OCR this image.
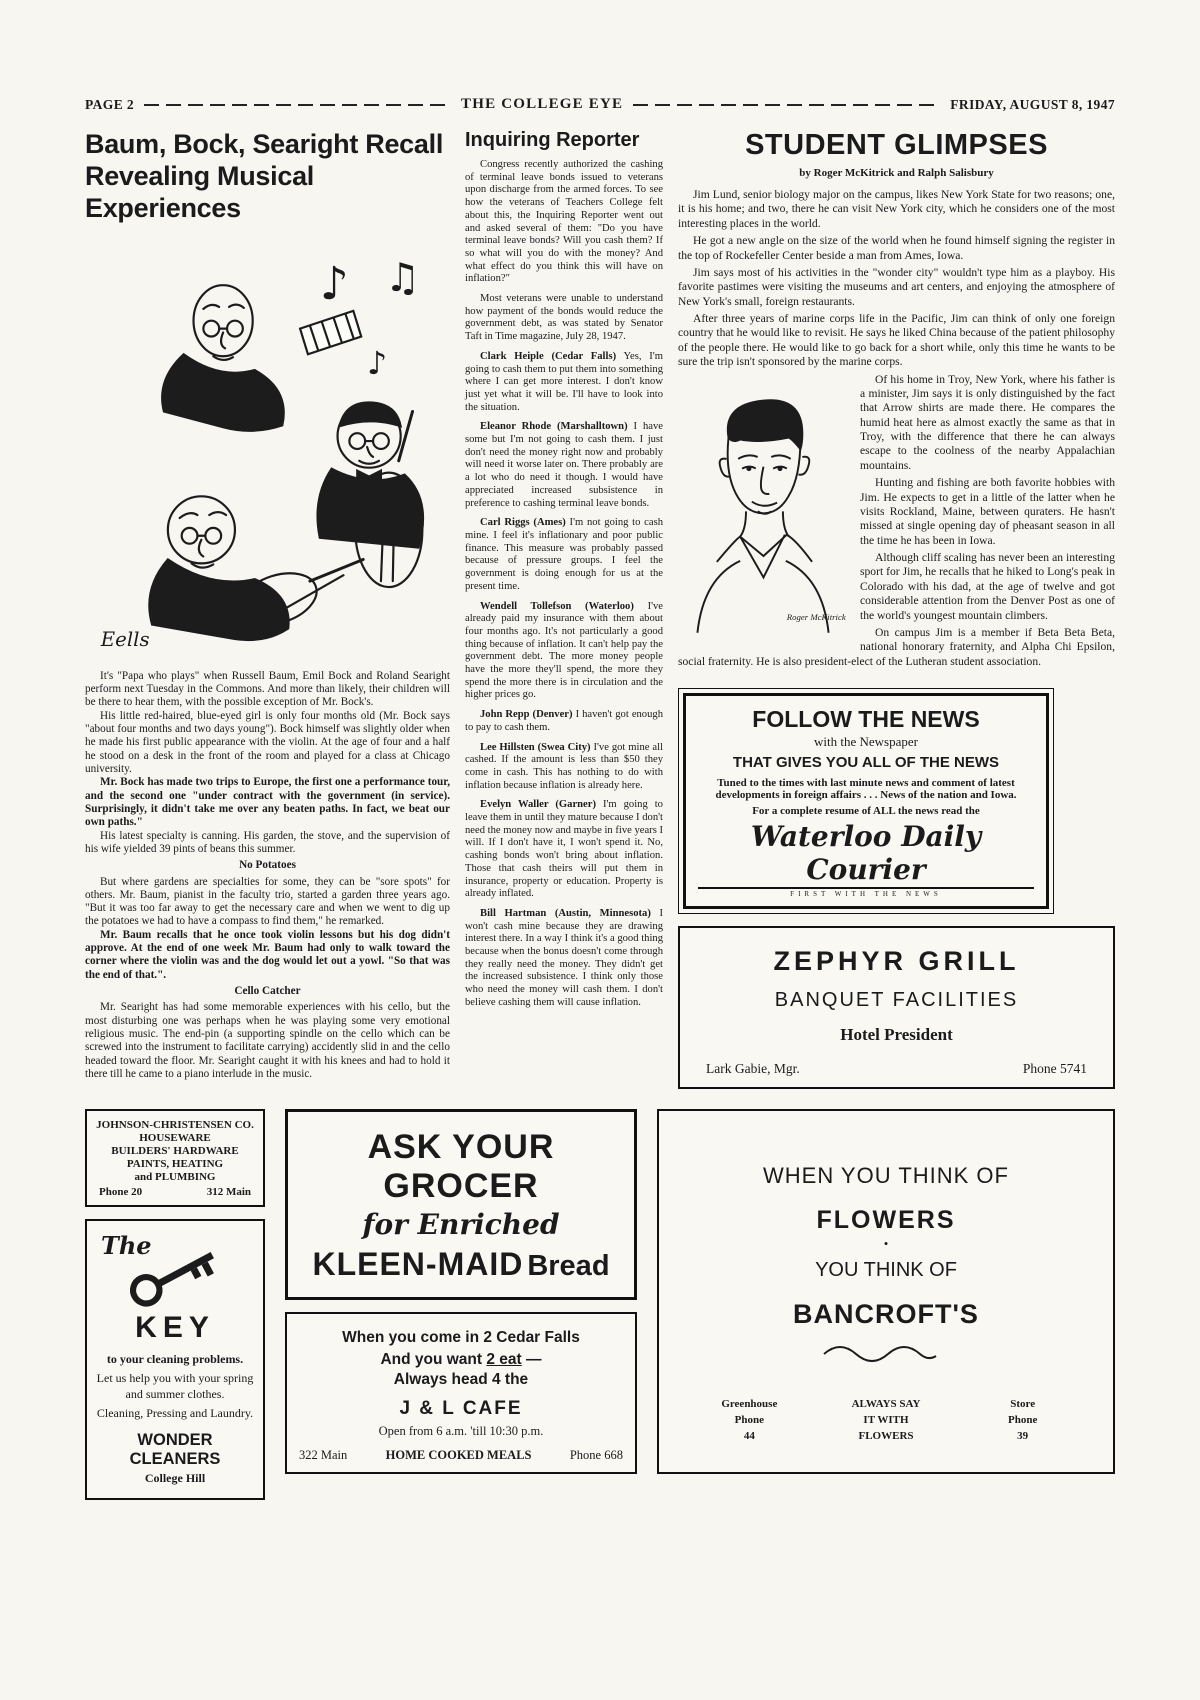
PAGE 2	THE COLLEGE EYE	FRIDAY, AUGUST 8, 1947
Baum, Bock, Searight Recall
Revealing Musical Experiences
♪ ♫
♪
Eells

It's "Papa who plays" when Russell Baum, Emil Bock and Roland Searight perform next Tuesday in the Commons. And more than likely, their children will be there to hear them, with the possible exception of Mr. Bock's.

His little red-haired, blue-eyed girl is only four months old (Mr. Bock says "about four months and two days young"). Bock himself was slightly older when he made his first public appearance with the violin. At the age of four and a half he stood on a desk in the front of the room and played for a class at Chicago university.

Mr. Bock has made two trips to Europe, the first one a performance tour, and the second one "under contract with the government (in service). Surprisingly, it didn't take me over any beaten paths. In fact, we beat our own paths."

His latest specialty is canning. His garden, the stove, and the supervision of his wife yielded 39 pints of beans this summer.

No Potatoes

But where gardens are specialties for some, they can be "sore spots" for others. Mr. Baum, pianist in the faculty trio, started a garden three years ago. "But it was too far away to get the necessary care and when we went to dig up the potatoes we had to have a compass to find them," he remarked.

Mr. Baum recalls that he once took violin lessons but his dog didn't approve. At the end of one week Mr. Baum had only to walk toward the corner where the violin was and the dog would let out a yowl. "So that was the end of that.".

Cello Catcher

Mr. Searight has had some memorable experiences with his cello, but the most disturbing one was perhaps when he was playing some very emotional religious music. The end-pin (a supporting spindle on the cello which can be screwed into the instrument to facilitate carrying) accidently slid in and the cello headed toward the floor. Mr. Searight caught it with his knees and had to hold it there till he came to a piano interlude in the music.

Inquiring Reporter

Congress recently authorized the cashing of terminal leave bonds issued to veterans upon discharge from the armed forces. To see how the veterans of Teachers College felt about this, the Inquiring Reporter went out and asked several of them: "Do you have terminal leave bonds? Will you cash them? If so what will you do with the money? And what effect do you think this will have on inflation?"

Most veterans were unable to understand how payment of the bonds would reduce the government debt, as was stated by Senator Taft in Time magazine, July 28, 1947.

Clark Heiple (Cedar Falls) Yes, I'm going to cash them to put them into something where I can get more interest. I don't know just yet what it will be. I'll have to look into the situation.

Eleanor Rhode (Marshalltown) I have some but I'm not going to cash them. I just don't need the money right now and probably will need it worse later on. There probably are a lot who do need it though. I would have appreciated increased subsistence in preference to cashing terminal leave bonds.

Carl Riggs (Ames) I'm not going to cash mine. I feel it's inflationary and poor public finance. This measure was probably passed because of pressure groups. I feel the government is doing enough for us at the present time.

Wendell Tollefson (Waterloo) I've already paid my insurance with them about four months ago. It's not particularly a good thing because of inflation. It can't help pay the government debt. The more money people have the more they'll spend, the more they spend the more there is in circulation and the higher prices go.

John Repp (Denver) I haven't got enough to pay to cash them.

Lee Hillsten (Swea City) I've got mine all cashed. If the amount is less than $50 they come in cash. This has nothing to do with inflation because inflation is already here.

Evelyn Waller (Garner) I'm going to leave them in until they mature because I don't need the money now and maybe in five years I will. If I don't have it, I won't spend it. No, cashing bonds won't bring about inflation. Those that cash theirs will put them in insurance, property or education. Property is already inflated.

Bill Hartman (Austin, Minnesota) I won't cash mine because they are drawing interest there. In a way I think it's a good thing because when the bonus doesn't come through they really need the money. They didn't get the increased subsistence. I think only those who need the money will cash them. I don't believe cashing them will cause inflation.

STUDENT GLIMPSES
by Roger McKitrick and Ralph Salisbury

Jim Lund, senior biology major on the campus, likes New York State for two reasons; one, it is his home; and two, there he can visit New York city, which he considers one of the most interesting places in the world.

He got a new angle on the size of the world when he found himself signing the register in the top of Rockefeller Center beside a man from Ames, Iowa.

Jim says most of his activities in the "wonder city" wouldn't type him as a playboy. His favorite pastimes were visiting the museums and art centers, and enjoying the atmosphere of New York's small, foreign restaurants.

After three years of marine corps life in the Pacific, Jim can think of only one foreign country that he would like to revisit. He says he liked China because of the patient philosophy of the people there. He would like to go back for a short while, only this time he wants to be sure the trip isn't sponsored by the marine corps.

Roger McKitrick

Of his home in Troy, New York, where his father is a minister, Jim says it is only distinguished by the fact that Arrow shirts are made there. He compares the humid heat here as almost exactly the same as that in Troy, with the difference that there he can always escape to the coolness of the nearby Appalachian mountains.

Hunting and fishing are both favorite hobbies with Jim. He expects to get in a little of the latter when he visits Rockland, Maine, between quraters. He hasn't missed at single opening day of pheasant season in all the time he has been in Iowa.

Although cliff scaling has never been an interesting sport for Jim, he recalls that he hiked to Long's peak in Colorado with his dad, at the age of twelve and got considerable attention from the Denver Post as one of the world's youngest mountain climbers.

On campus Jim is a member if Beta Beta Beta, national honorary fraternity, and Alpha Chi Epsilon, social fraternity. He is also president-elect of the Lutheran student association.

FOLLOW THE NEWS
with the Newspaper
THAT GIVES YOU ALL OF THE NEWS
Tuned to the times with last minute news and comment of latest developments in foreign affairs . . . News of the nation and Iowa.
For a complete resume of ALL the news read the
Waterloo Daily Courier
FIRST WITH THE NEWS
ZEPHYR GRILL
BANQUET FACILITIES
Hotel President
Lark Gabie, Mgr.	Phone 5741
JOHNSON-CHRISTENSEN CO.
HOUSEWARE
BUILDERS' HARDWARE
PAINTS, HEATING
and PLUMBING
Phone 20	312 Main
The
KEY
to your cleaning problems.
Let us help you with your spring and summer clothes.
Cleaning, Pressing and Laundry.
WONDER CLEANERS
College Hill
ASK YOUR GROCER
for Enriched
KLEEN-MAID Bread
When you come in 2 Cedar Falls
And you want 2 eat —
Always head 4 the
J & L CAFE
Open from 6 a.m. 'till 10:30 p.m.
322 Main	HOME COOKED MEALS	Phone 668
WHEN YOU THINK OF
FLOWERS
•
YOU THINK OF
BANCROFT'S
Greenhouse
Phone
44
ALWAYS SAY
IT WITH
FLOWERS
Store
Phone
39
